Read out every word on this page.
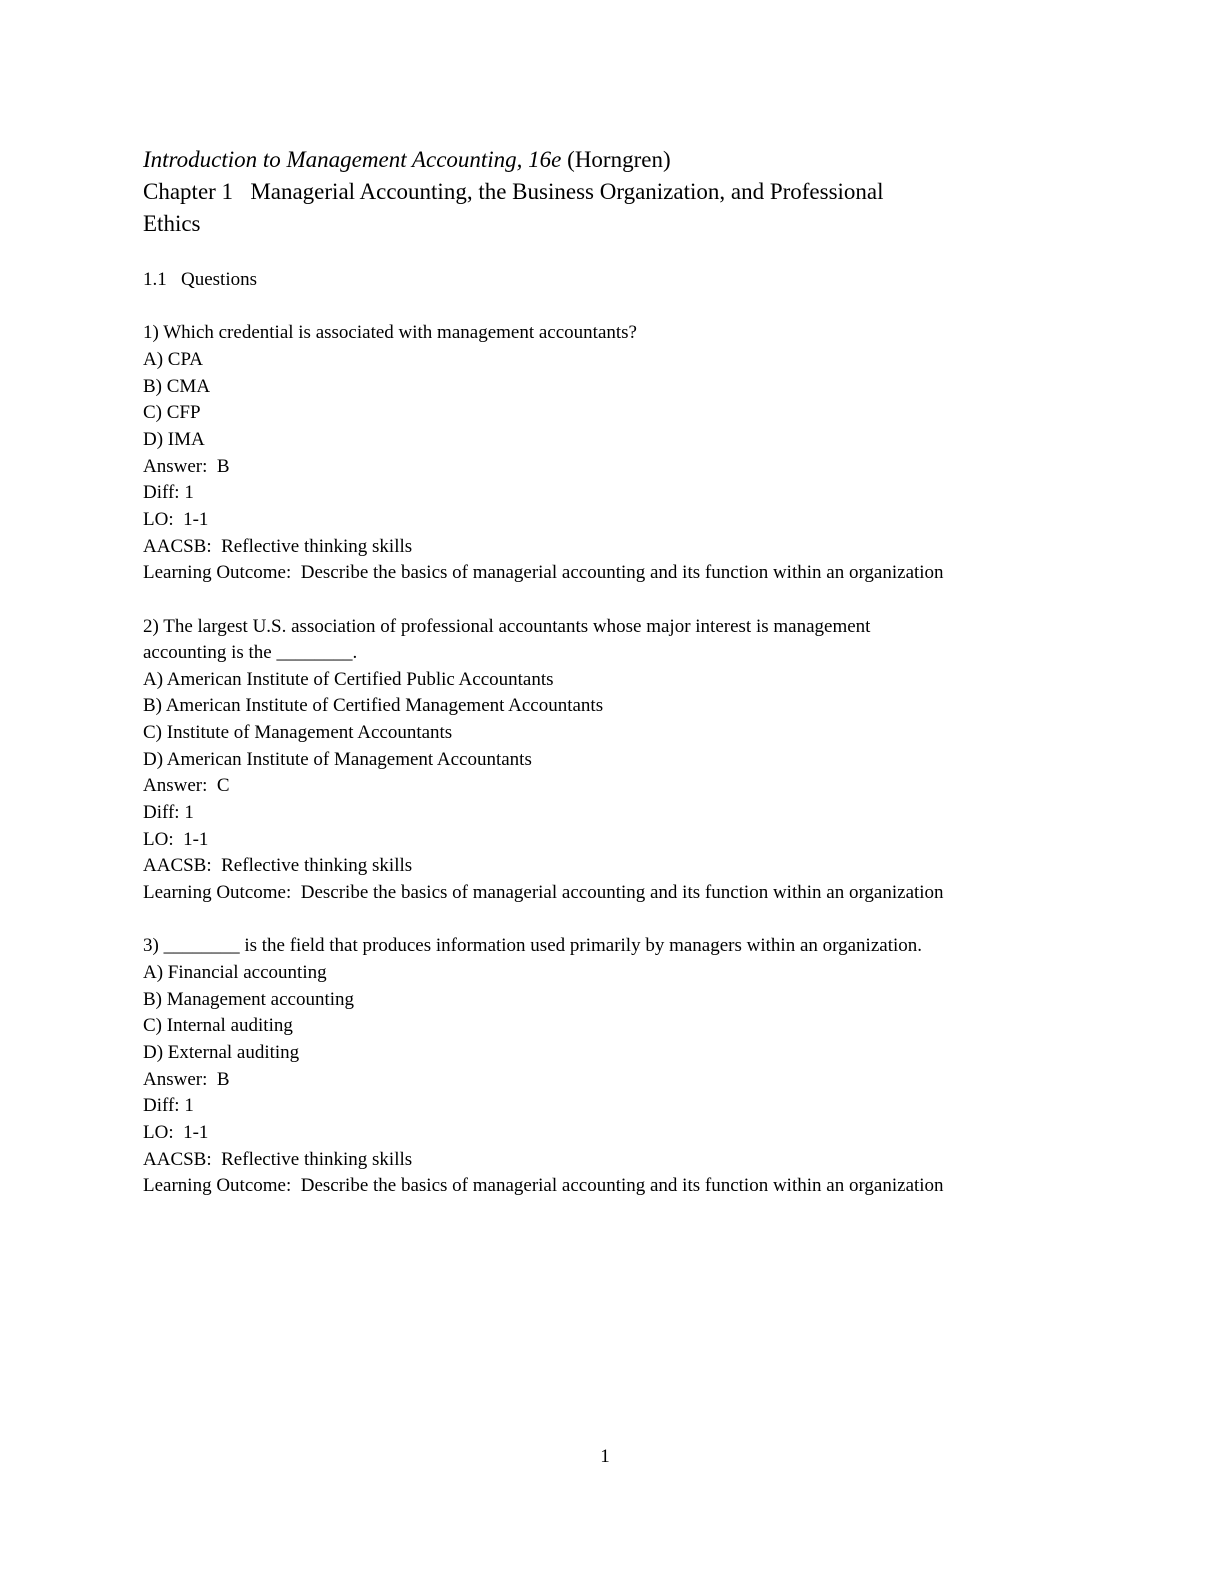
Introduction to Management Accounting, 16e (Horngren)
Chapter 1 Managerial Accounting, the Business Organization, and Professional
Ethics
1.1 Questions
1) Which credential is associated with management accountants?
A) CPA
B) CMA
C) CFP
D) IMA
Answer:  B
Diff: 1
LO:  1-1
AACSB:  Reflective thinking skills
Learning Outcome:  Describe the basics of managerial accounting and its function within an organization
2) The largest U.S. association of professional accountants whose major interest is management
accounting is the ________.
A) American Institute of Certified Public Accountants
B) American Institute of Certified Management Accountants
C) Institute of Management Accountants
D) American Institute of Management Accountants
Answer:  C
Diff: 1
LO:  1-1
AACSB:  Reflective thinking skills
Learning Outcome:  Describe the basics of managerial accounting and its function within an organization
3) ________ is the field that produces information used primarily by managers within an organization.
A) Financial accounting
B) Management accounting
C) Internal auditing
D) External auditing
Answer:  B
Diff: 1
LO:  1-1
AACSB:  Reflective thinking skills
Learning Outcome:  Describe the basics of managerial accounting and its function within an organization
1
